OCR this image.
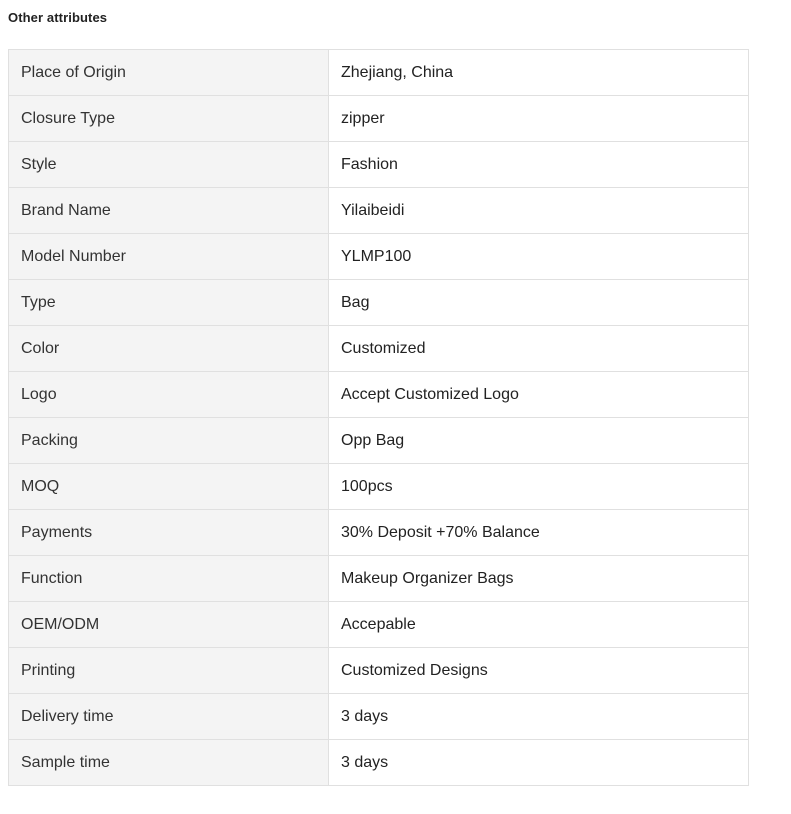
Other attributes
Place of Origin	Zhejiang, China
Closure Type	zipper
Style	Fashion
Brand Name	Yilaibeidi
Model Number	YLMP100
Type	Bag
Color	Customized
Logo	Accept Customized Logo
Packing	Opp Bag
MOQ	100pcs
Payments	30% Deposit +70% Balance
Function	Makeup Organizer Bags
OEM/ODM	Accepable
Printing	Customized Designs
Delivery time	3 days
Sample time	3 days
